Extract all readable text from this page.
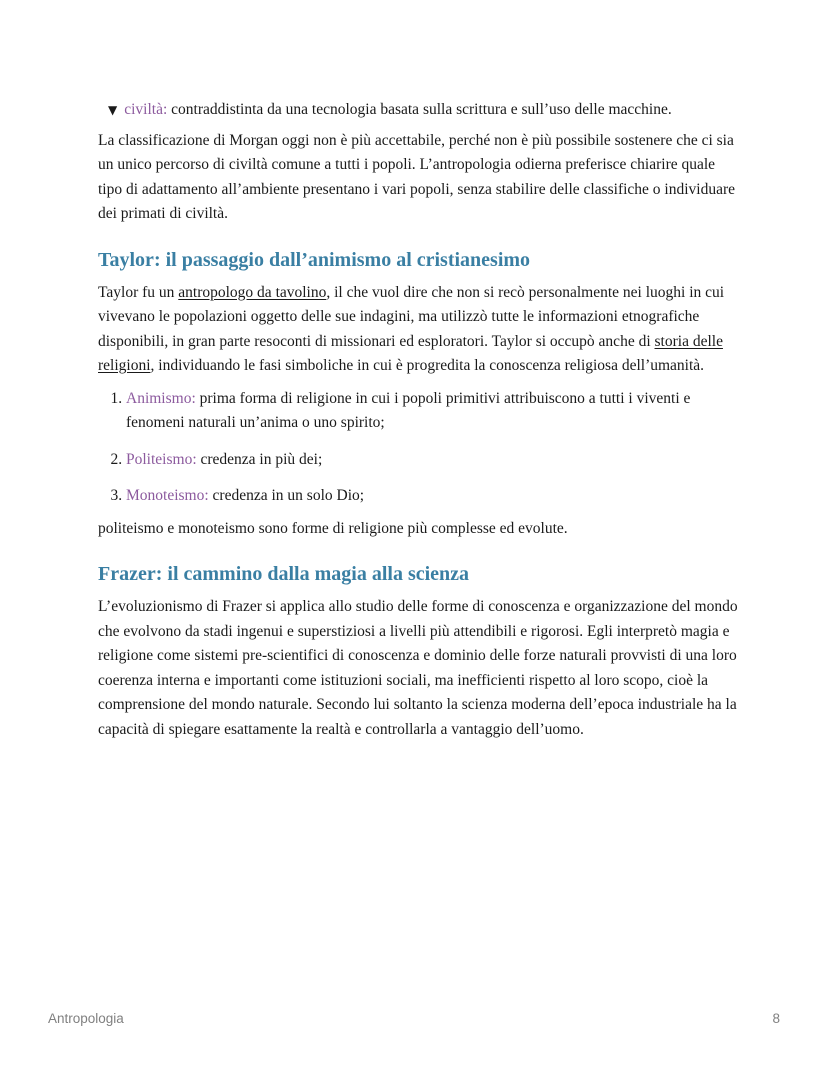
▼ civiltà: contraddistinta da una tecnologia basata sulla scrittura e sull’uso delle macchine.

La classificazione di Morgan oggi non è più accettabile, perché non è più possibile sostenere che ci sia un unico percorso di civiltà comune a tutti i popoli. L’antropologia odierna preferisce chiarire quale tipo di adattamento all’ambiente presentano i vari popoli, senza stabilire delle classifiche o individuare dei primati di civiltà.

Taylor: il passaggio dall’animismo al cristianesimo

Taylor fu un antropologo da tavolino, il che vuol dire che non si recò personalmente nei luoghi in cui vivevano le popolazioni oggetto delle sue indagini, ma utilizzò tutte le informazioni etnografiche disponibili, in gran parte resoconti di missionari ed esploratori. Taylor si occupò anche di storia delle religioni, individuando le fasi simboliche in cui è progredita la conoscenza religiosa dell’umanità.

1. Animismo: prima forma di religione in cui i popoli primitivi attribuiscono a tutti i viventi e fenomeni naturali un’anima o uno spirito;
2. Politeismo: credenza in più dei;
3. Monoteismo: credenza in un solo Dio;

politeismo e monoteismo sono forme di religione più complesse ed evolute.

Frazer: il cammino dalla magia alla scienza

L’evoluzionismo di Frazer si applica allo studio delle forme di conoscenza e organizzazione del mondo che evolvono da stadi ingenui e superstiziosi a livelli più attendibili e rigorosi. Egli interpretò magia e religione come sistemi pre-scientifici di conoscenza e dominio delle forze naturali provvisti di una loro coerenza interna e importanti come istituzioni sociali, ma inefficienti rispetto al loro scopo, cioè la comprensione del mondo naturale. Secondo lui soltanto la scienza moderna dell’epoca industriale ha la capacità di spiegare esattamente la realtà e controllarla a vantaggio dell’uomo.

Antropologia	8
